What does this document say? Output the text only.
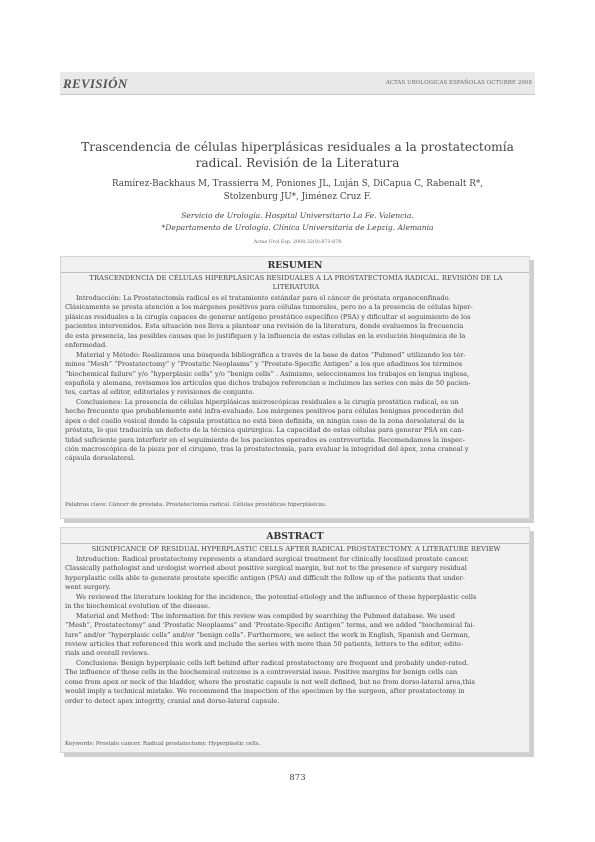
REVISIÓN	ACTAS UROLÓGICAS ESPAÑOLAS OCTUBRE 2008
Trascendencia de células hiperplásicas residuales a la prostatectomía
radical. Revisión de la Literatura
Ramírez-Backhaus M, Trassierra M, Poniones JL, Luján S, DiCapua C, Rabenalt R*,
Stolzenburg JU*, Jiménez Cruz F.
Servicio de Urología. Hospital Universitario La Fe. Valencia.
*Departamento de Urología. Clínica Universitaria de Lepzig. Alemania
Actas Urol Esp. 2008;32(9):873-878
RESUMEN
TRASCENDENCIA DE CÉLULAS HIPERPLÁSICAS RESIDUALES A LA PROSTATECTOMÍA RADICAL. REVISIÓN DE LA
LITERATURA
Introducción: La Prostatectomía radical es el tratamiento estándar para el cáncer de próstata organoconfinado.
Clásicamente se presta atención a los márgenes positivos para células tumorales, pero no a la presencia de células hiper-
plásicas residuales a la cirugía capaces de generar antígeno prostático específico (PSA) y dificultar el seguimiento de los
pacientes intervenidos. Esta situación nos lleva a plantear una revisión de la literatura, donde evaluemos la frecuencia
de esta presencia, las posibles causas que lo justifiquen y la influencia de estas células en la evolución bioquímica de la
enfermedad.
Material y Método: Realizamos una búsqueda bibliográfica a través de la base de datos “Pubmed” utilizando los tér-
minos “Mesh” “Prostatectomy” y “Prostatic Neoplasms” y “Prostate-Specific Antigen” a los que añadimos los términos
“biochemical failure” y/o “hyperplasic cells” y/o “benign cells” . Asimismo, seleccionamos los trabajos en lengua inglesa,
española y alemana, revisamos los artículos que dichos trabajos referencian e incluimos las series con más de 50 pacien-
tes, cartas al editor, editoriales y revisiones de conjunto.
Conclusiones: La presencia de células hiperplásicas microscópicas residuales a la cirugía prostática radical, es un
hecho frecuente que probablemente esté infra-evaluado. Los márgenes positivos para células benignas procederán del
ápex o del cuello vesical donde la cápsula prostática no está bien definida, en ningún caso de la zona dorsolateral de la
próstata, lo que traduciría un defecto de la técnica quirúrgica. La capacidad de estas células para generar PSA en can-
tidad suficiente para interferir en el seguimiento de los pacientes operados es controvertida. Recomendamos la inspec-
ción macroscópica de la pieza por el cirujano, tras la prostatectomía, para evaluar la integridad del ápex, zona craneal y
cápsula dorsolateral.
Palabras clave: Cáncer de próstata. Prostatectomía radical. Células prostáticas hiperplásicas.
ABSTRACT
SIGNIFICANCE OF RESIDUAL HYPERPLASTIC CELLS AFTER RADICAL PROSTATECTOMY. A LITERATURE REVIEW
Introduction: Radical prostatectomy represents a standard surgical treatment for clinically localized prostate cancer.
Classically pathologist and urologist worried about positive surgical margin, but not to the presence of surgery residual
hyperplastic cells able to generate prostate specific antigen (PSA) and difficult the follow up of the patients that under-
went surgery.
We reviewed the literature looking for the incidence, the potential etiology and the influence of these hyperplastic cells
in the biochemical evolution of the disease.
Material and Method: The information for this review was compiled by searching the Pubmed database. We used
“Mesh”, Prostatectomy” and ‘Prostatic Neoplasms” and ‘Prostate-Specific Antigen” terms, and we added “biochemical fai-
lure” and/or “hyperplasic cells” and/or “benign cells”. Furthermore, we select the work in English, Spanish and German,
review articles that referenced this work and include the series with more than 50 patients, letters to the editor, edito-
rials and overall reviews.
Conclusions: Benign hyperplasic cells left behind after radical prostatectomy are frequent and probably under-rated.
The influence of those cells in the biochemical outcome is a controversial issue. Positive margins for benign cells can
come from apex or neck of the bladder, where the prostatic capsule is not well defined, but no from dorso-lateral area,this
would imply a technical mistake. We recommend the inspection of the specimen by the surgeon, after prostatectomy in
order to detect apex integrity, cranial and dorso-lateral capsule.
Keywords: Prostate cancer. Radical prostatectomy. Hyperplastic cells.
873
